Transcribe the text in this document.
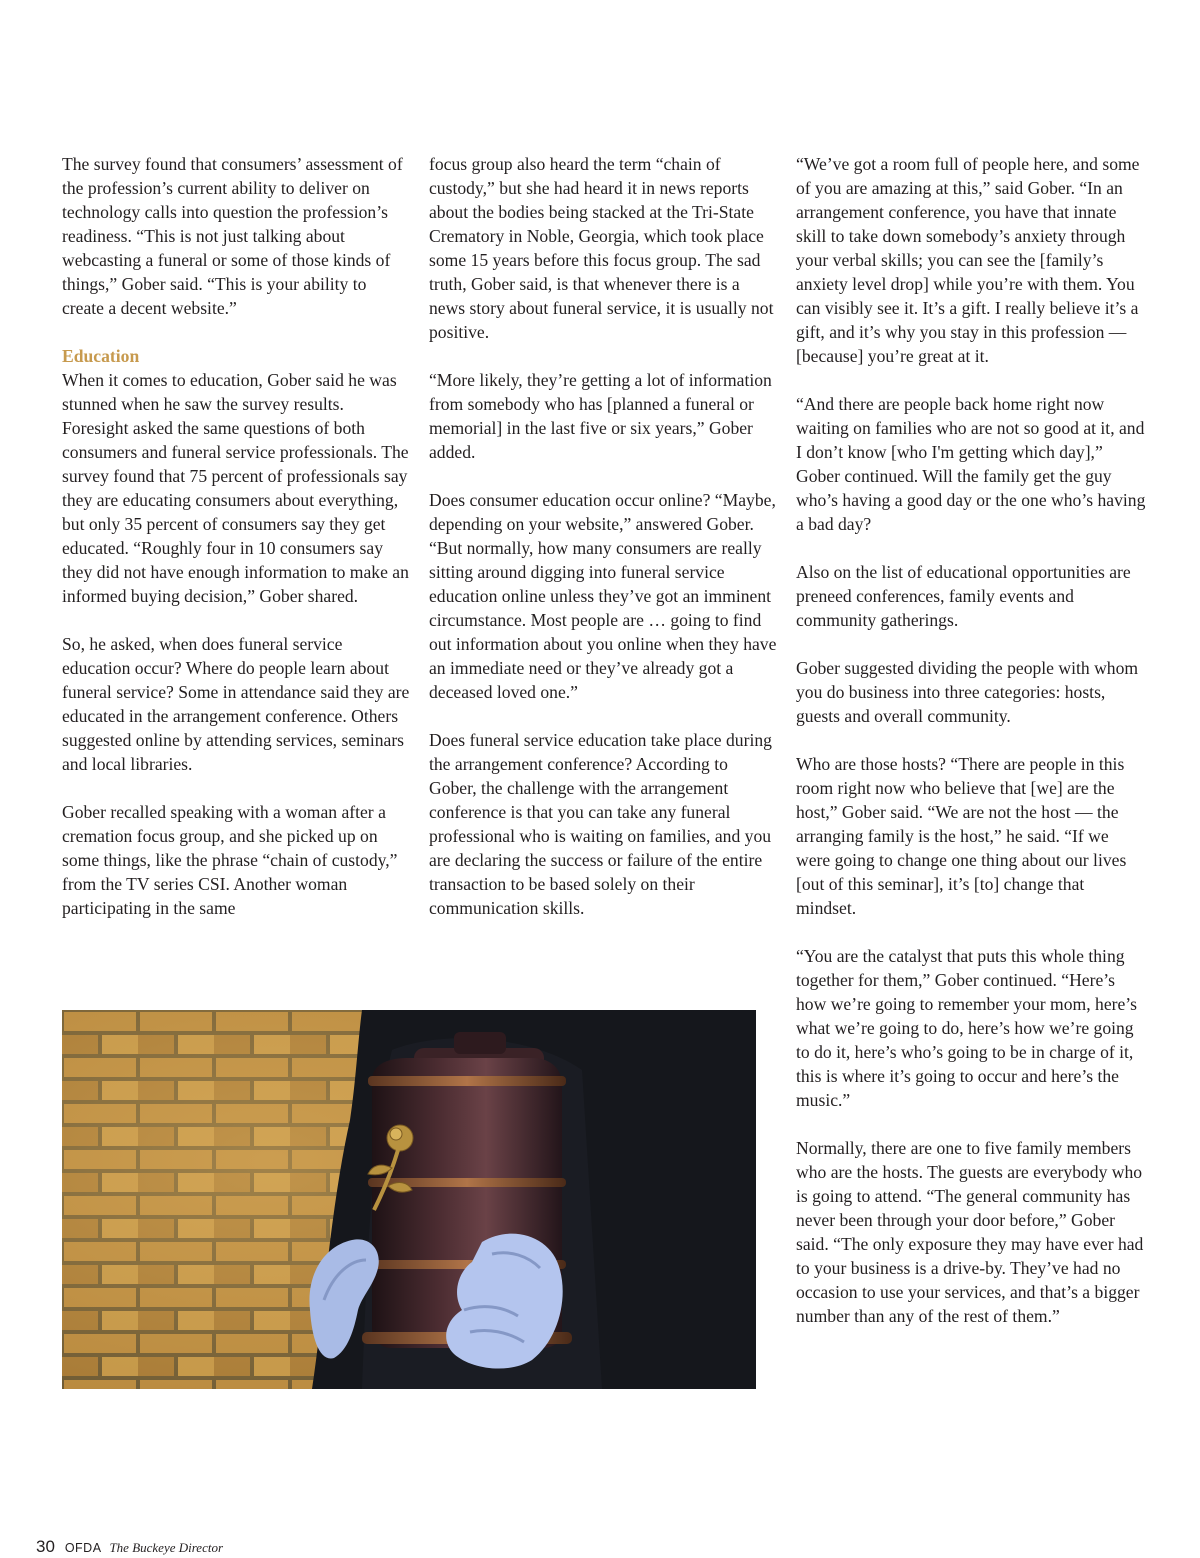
The survey found that consumers’ assessment of the profession’s current ability to deliver on technology calls into question the profession’s readiness. “This is not just talking about webcasting a funeral or some of those kinds of things,” Gober said. “This is your ability to create a decent website.”

Education

When it comes to education, Gober said he was stunned when he saw the survey results. Foresight asked the same questions of both consumers and funeral service professionals. The survey found that 75 percent of professionals say they are educating consumers about everything, but only 35 percent of consumers say they get educated. “Roughly four in 10 consumers say they did not have enough information to make an informed buying decision,” Gober shared.

So, he asked, when does funeral service education occur? Where do people learn about funeral service? Some in attendance said they are educated in the arrangement conference. Others suggested online by attending services, seminars and local libraries.

Gober recalled speaking with a woman after a cremation focus group, and she picked up on some things, like the phrase “chain of custody,” from the TV series CSI. Another woman participating in the same

focus group also heard the term “chain of custody,” but she had heard it in news reports about the bodies being stacked at the Tri-State Crematory in Noble, Georgia, which took place some 15 years before this focus group. The sad truth, Gober said, is that whenever there is a news story about funeral service, it is usually not positive.

“More likely, they’re getting a lot of information from somebody who has [planned a funeral or memorial] in the last five or six years,” Gober added.

Does consumer education occur online? “Maybe, depending on your website,” answered Gober. “But normally, how many consumers are really sitting around digging into funeral service education online unless they’ve got an imminent circumstance. Most people are … going to find out information about you online when they have an immediate need or they’ve already got a deceased loved one.”

Does funeral service education take place during the arrangement conference? According to Gober, the challenge with the arrangement conference is that you can take any funeral professional who is waiting on families, and you are declaring the success or failure of the entire transaction to be based solely on their communication skills.

“We’ve got a room full of people here, and some of you are amazing at this,” said Gober. “In an arrangement conference, you have that innate skill to take down somebody’s anxiety through your verbal skills; you can see the [family’s anxiety level drop] while you’re with them. You can visibly see it. It’s a gift. I really believe it’s a gift, and it’s why you stay in this profession — [because] you’re great at it.

“And there are people back home right now waiting on families who are not so good at it, and I don’t know [who I'm getting which day],” Gober continued. Will the family get the guy who’s having a good day or the one who’s having a bad day?

Also on the list of educational opportunities are preneed conferences, family events and community gatherings.

Gober suggested dividing the people with whom you do business into three categories: hosts, guests and overall community.

Who are those hosts? “There are people in this room right now who believe that [we] are the host,” Gober said. “We are not the host — the arranging family is the host,” he said. “If we were going to change one thing about our lives [out of this seminar], it’s [to] change that mindset.

“You are the catalyst that puts this whole thing together for them,” Gober continued. “Here’s how we’re going to remember your mom, here’s what we’re going to do, here’s how we’re going to do it, here’s who’s going to be in charge of it, this is where it’s going to occur and here’s the music.”

Normally, there are one to five family members who are the hosts. The guests are everybody who is going to attend. “The general community has never been through your door before,” Gober said. “The only exposure they may have ever had to your business is a drive-by. They’ve had no occasion to use your services, and that’s a bigger number than any of the rest of them.”

30 OFDA The Buckeye Director
